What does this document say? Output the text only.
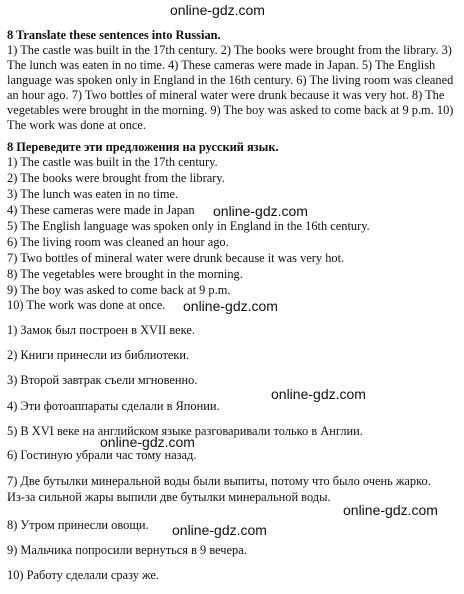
online-gdz.com
online-gdz.com
online-gdz.com
online-gdz.com
online-gdz.com
online-gdz.com
online-gdz.com
8 Translate these sentences into Russian.
1) The castle was built in the 17th century. 2) The books were brought from the library. 3) The lunch was eaten in no time. 4) These cameras were made in Japan. 5) The English language was spoken only in England in the 16th century. 6) The living room was cleaned an hour ago. 7) Two bottles of mineral water were drunk because it was very hot. 8) The vegetables were brought in the morning. 9) The boy was asked to come back at 9 p.m. 10) The work was done at once.
8 Переведите эти предложения на русский язык.
1) The castle was built in the 17th century.
2) The books were brought from the library.
3) The lunch was eaten in no time.
4) These cameras were made in Japan
5) The English language was spoken only in England in the 16th century.
6) The living room was cleaned an hour ago.
7) Two bottles of mineral water were drunk because it was very hot.
8) The vegetables were brought in the morning.
9) The boy was asked to come back at 9 p.m.
10) The work was done at once.
1) Замок был построен в XVII веке.
2) Книги принесли из библиотеки.
3) Второй завтрак съели мгновенно.
4) Эти фотоаппараты сделали в Японии.
5) В XVI веке на английском языке разговаривали только в Англии.
6) Гостиную убрали час тому назад.
7) Две бутылки минеральной воды были выпиты, потому что было очень жарко. Из-за сильной жары выпили две бутылки минеральной воды.
8) Утром принесли овощи.
9) Мальчика попросили вернуться в 9 вечера.
10) Работу сделали сразу же.
